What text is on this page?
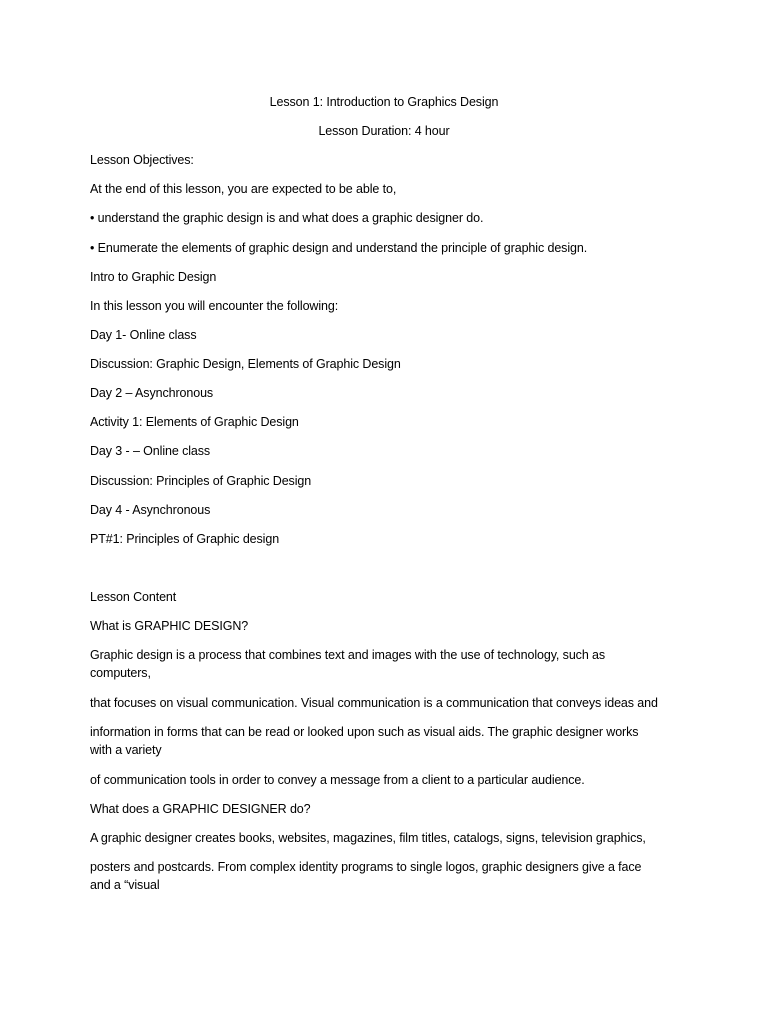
Lesson 1: Introduction to Graphics Design

Lesson Duration: 4 hour

Lesson Objectives:

At the end of this lesson, you are expected to be able to,

• understand the graphic design is and what does a graphic designer do.

• Enumerate the elements of graphic design and understand the principle of graphic design.

Intro to Graphic Design

In this lesson you will encounter the following:

Day 1- Online class

Discussion: Graphic Design, Elements of Graphic Design

Day 2 – Asynchronous

Activity 1: Elements of Graphic Design

Day 3 - – Online class

Discussion: Principles of Graphic Design

Day 4 - Asynchronous

PT#1: Principles of Graphic design

Lesson Content

What is GRAPHIC DESIGN?

Graphic design is a process that combines text and images with the use of technology, such as

computers,

that focuses on visual communication. Visual communication is a communication that conveys ideas and

information in forms that can be read or looked upon such as visual aids. The graphic designer works

with a variety

of communication tools in order to convey a message from a client to a particular audience.

What does a GRAPHIC DESIGNER do?

A graphic designer creates books, websites, magazines, film titles, catalogs, signs, television graphics,

posters and postcards. From complex identity programs to single logos, graphic designers give a face

and a “visual
